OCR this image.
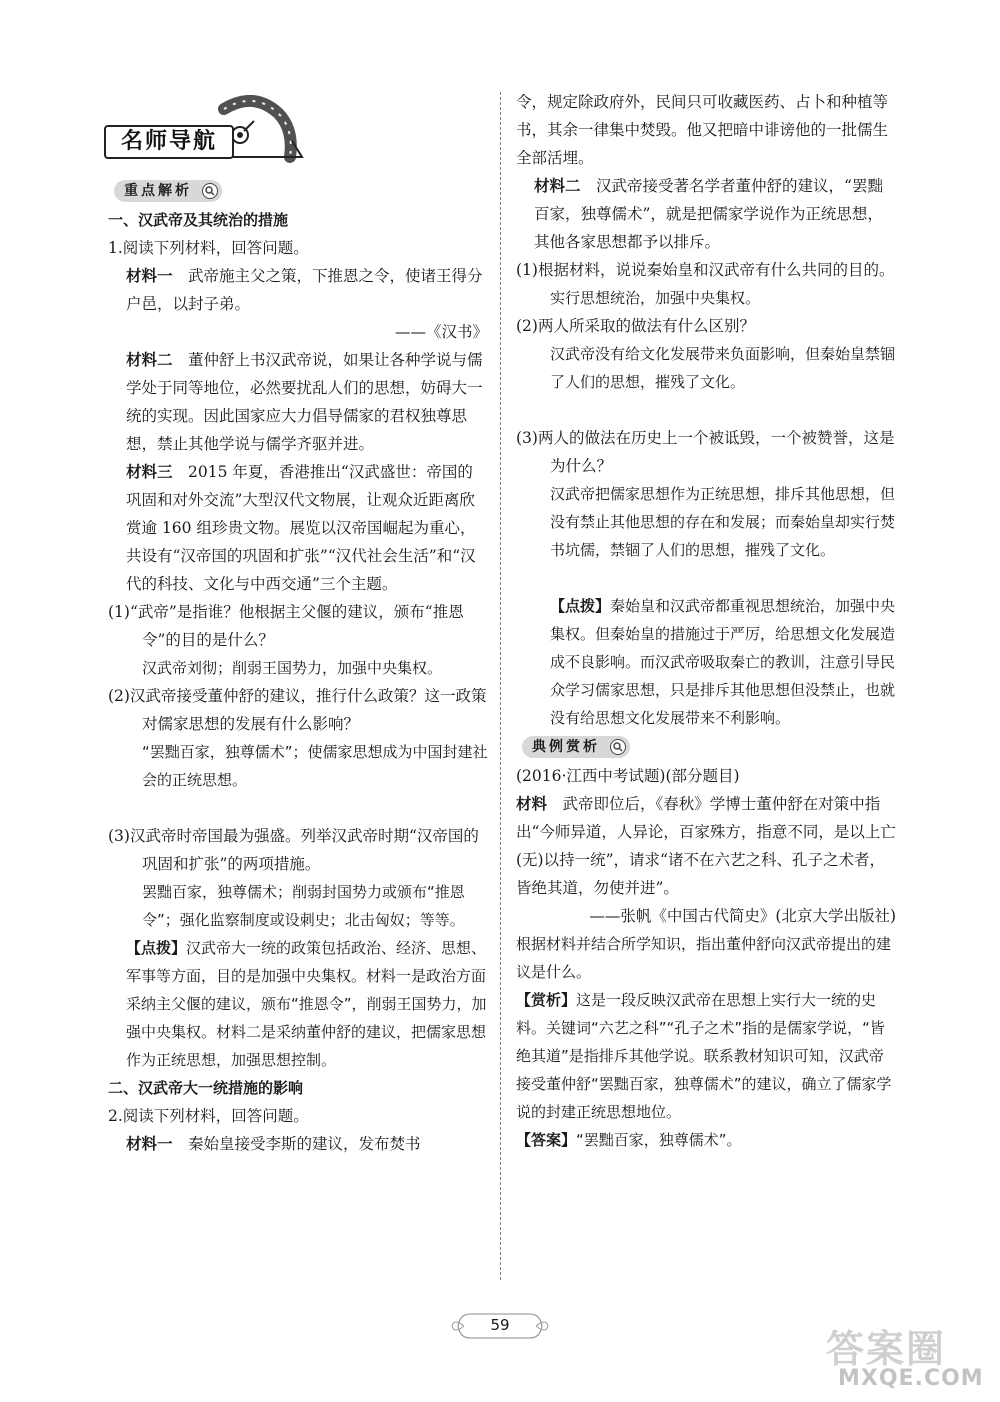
名师导航
重点解析

一、汉武帝及其统治的措施

1.阅读下列材料，回答问题。

材料一　 武帝施主父之策，下推恩之令，使诸王得分户邑，以封子弟。

——《汉书》

材料二　 董仲舒上书汉武帝说，如果让各种学说与儒学处于同等地位，必然要扰乱人们的思想，妨碍大一统的实现。因此国家应大力倡导儒家的君权独尊思想，禁止其他学说与儒学齐驱并进。

材料三　 2015 年夏，香港推出“汉武盛世：帝国的巩固和对外交流”大型汉代文物展，让观众近距离欣赏逾 160 组珍贵文物。展览以汉帝国崛起为重心，共设有“汉帝国的巩固和扩张”“汉代社会生活”和“汉代的科技、文化与中西交通”三个主题。

(1)“武帝”是指谁？他根据主父偃的建议，颁布“推恩令”的目的是什么？

汉武帝刘彻；削弱王国势力，加强中央集权。

(2)汉武帝接受董仲舒的建议，推行什么政策？这一政策对儒家思想的发展有什么影响？

“罢黜百家，独尊儒术”；使儒家思想成为中国封建社会的正统思想。

(3)汉武帝时帝国最为强盛。列举汉武帝时期“汉帝国的巩固和扩张”的两项措施。

罢黜百家，独尊儒术；削弱封国势力或颁布“推恩令”；强化监察制度或设刺史；北击匈奴；等等。

【点拨】汉武帝大一统的政策包括政治、经济、思想、军事等方面，目的是加强中央集权。材料一是政治方面采纳主父偃的建议，颁布“推恩令”，削弱王国势力，加强中央集权。材料二是采纳董仲舒的建议，把儒家思想作为正统思想，加强思想控制。

二、汉武帝大一统措施的影响

2.阅读下列材料，回答问题。

材料一　 秦始皇接受李斯的建议，发布焚书

令，规定除政府外，民间只可收藏医药、占卜和种植等书，其余一律集中焚毁。他又把暗中诽谤他的一批儒生全部活埋。

材料二　 汉武帝接受著名学者董仲舒的建议，“罢黜百家，独尊儒术”，就是把儒家学说作为正统思想，其他各家思想都予以排斥。

(1)根据材料，说说秦始皇和汉武帝有什么共同的目的。

实行思想统治，加强中央集权。

(2)两人所采取的做法有什么区别？

汉武帝没有给文化发展带来负面影响，但秦始皇禁锢了人们的思想，摧残了文化。

(3)两人的做法在历史上一个被诋毁，一个被赞誉，这是为什么？

汉武帝把儒家思想作为正统思想，排斥其他思想，但没有禁止其他思想的存在和发展；而秦始皇却实行焚书坑儒，禁锢了人们的思想，摧残了文化。

【点拨】秦始皇和汉武帝都重视思想统治，加强中央集权。但秦始皇的措施过于严厉，给思想文化发展造成不良影响。而汉武帝吸取秦亡的教训，注意引导民众学习儒家思想，只是排斥其他思想但没禁止，也就没有给思想文化发展带来不利影响。

典例赏析

(2016·江西中考试题)(部分题目)

材料　 武帝即位后，《春秋》学博士董仲舒在对策中指出“今师异道，人异论，百家殊方，指意不同，是以上亡(无)以持一统”，请求“诸不在六艺之科、孔子之术者，皆绝其道，勿使并进”。

——张帆《中国古代简史》(北京大学出版社)

根据材料并结合所学知识，指出董仲舒向汉武帝提出的建议是什么。

【赏析】这是一段反映汉武帝在思想上实行大一统的史料。关键词“六艺之科”“孔子之术”指的是儒家学说，“皆绝其道”是指排斥其他学说。联系教材知识可知，汉武帝接受董仲舒“罢黜百家，独尊儒术”的建议，确立了儒家学说的封建正统思想地位。

【答案】“罢黜百家，独尊儒术”。

59
答案圈
MXQE.COM
